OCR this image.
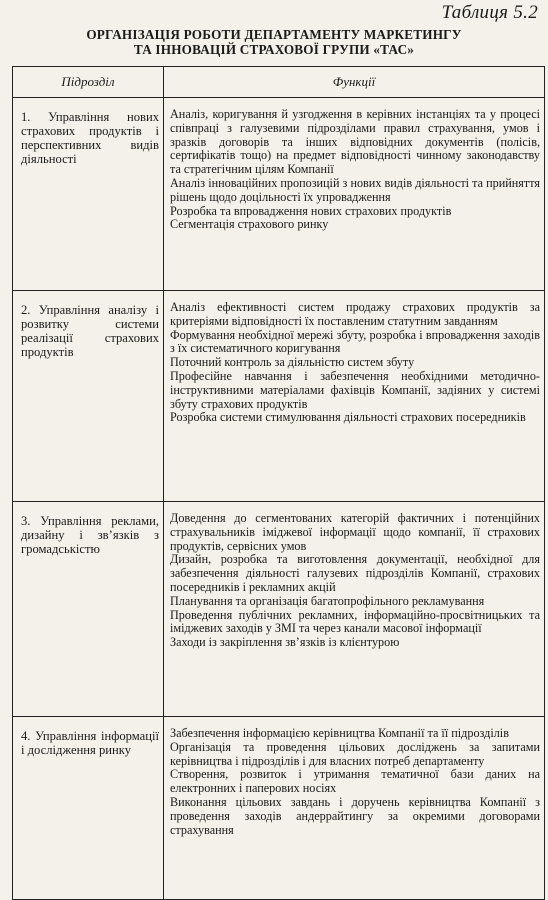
Таблиця 5.2
ОРГАНІЗАЦІЯ РОБОТИ ДЕПАРТАМЕНТУ МАРКЕТИНГУ
ТА ІННОВАЦІЙ СТРАХОВОЇ ГРУПИ «ТАС»
Підрозділ	Функції
1. Управління нових страхових продуктів і перспективних видів діяльності	Аналіз, коригування й узгодження в керівних інстанціях та у процесі співпраці з галузевими підрозділами правил страхування, умов і зразків договорів та інших відповідних документів (полісів, сертифікатів тощо) на предмет відповідності чинному законодавству та стратегічним цілям Компанії

Аналіз інноваційних пропозицій з нових видів діяльності та прийняття рішень щодо доцільності їх упровадження

Розробка та впровадження нових страхових продуктів

Сегментація страхового ринку

2. Управління аналізу і розвитку системи реалізації страхових продуктів	Аналіз ефективності систем продажу страхових продуктів за критеріями відповідності їх поставленим статутним завданням

Формування необхідної мережі збуту, розробка і впровадження заходів з їх систематичного коригування

Поточний контроль за діяльністю систем збуту

Професійне навчання і забезпечення необхідними методично-інструктивними матеріалами фахівців Компанії, задіяних у системі збуту страхових продуктів

Розробка системи стимулювання діяльності страхових посередників

3. Управління реклами, дизайну і зв’язків з громадськістю	Доведення до сегментованих категорій фактичних і потенційних страхувальників іміджевої інформації щодо компанії, її страхових продуктів, сервісних умов

Дизайн, розробка та виготовлення документації, необхідної для забезпечення діяльності галузевих підрозділів Компанії, страхових посередників і рекламних акцій

Планування та організація багатопрофільного рекламування

Проведення публічних рекламних, інформаційно-просвітницьких та іміджевих заходів у ЗМІ та через канали масової інформації

Заходи із закріплення зв’язків із клієнтурою

4. Управління інформації і дослідження ринку	Забезпечення інформацією керівництва Компанії та її підрозділів

Організація та проведення цільових досліджень за запитами керівництва і підрозділів і для власних потреб департаменту

Створення, розвиток і утримання тематичної бази даних на електронних і паперових носіях

Виконання цільових завдань і доручень керівництва Компанії з проведення заходів андеррайтингу за окремими договорами страхування
